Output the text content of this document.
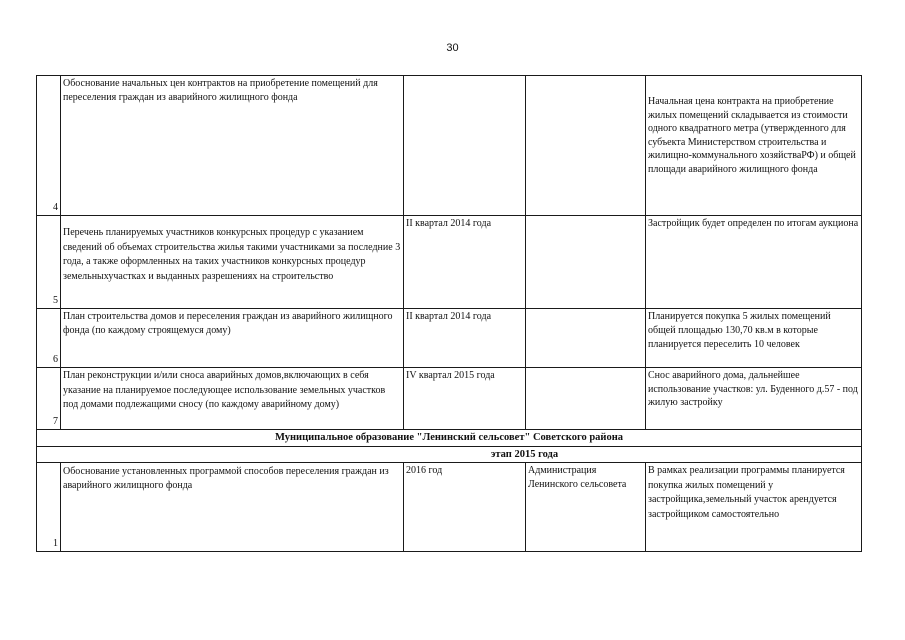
30
4	Обоснование начальных цен контрактов на приобретение помещений для переселения граждан из аварийного жилищного фонда			Начальная цена контракта на приобретение жилых помещений складывается из стоимости одного квадратного метра (утвержденного для субъекта Министерством строительства и жилищно-коммунального хозяйстваРФ) и общей площади аварийного жилищного фонда
5	Перечень планируемых участников конкурсных процедур с указанием сведений об объемах строительства жилья такими участниками за последние 3 года, а также оформленных на таких участников конкурсных процедур земельныхучастках и выданных разрешениях на строительство	II квартал 2014 года		Застройщик будет определен по итогам аукциона
6	План строительства домов и переселения граждан из аварийного жилищного фонда (по каждому строящемуся дому)	II квартал 2014 года		Планируется покупка 5 жилых помещений общей площадью 130,70 кв.м в которые планируется переселить 10 человек
7	План реконструкции и/или сноса аварийных домов,включающих в себя указание на планируемое последующее использование земельных участков под домами подлежащими сносу (по каждому аварийному дому)	IV квартал 2015 года		Снос аварийного дома, дальнейшее использование участков: ул. Буденного д.57 - под жилую застройку
Муниципальное образование "Ленинский сельсовет" Советского района				
		этап 2015 года		
1	Обоснование установленных программой способов переселения граждан из аварийного жилищного фонда	2016 год	Администрация Ленинского сельсовета	В рамках реализации программы планируется покупка жилых помещений у застройщика,земельный участок арендуется застройщиком самостоятельно
